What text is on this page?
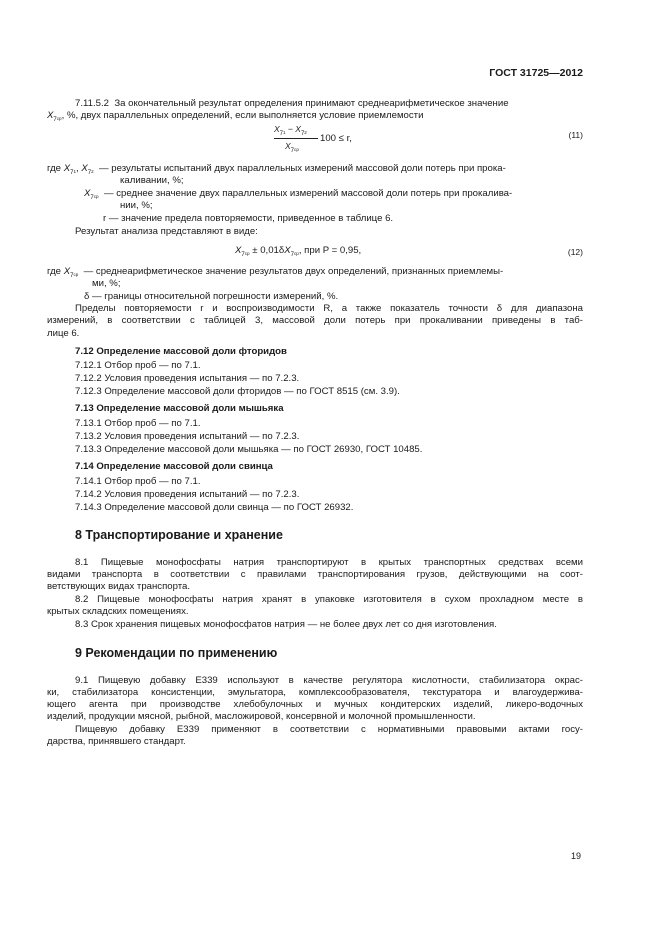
ГОСТ 31725—2012
7.11.5.2 За окончательный результат определения принимают среднеарифметическое значение
$X_{7ср}$, %, двух параллельных определений, если выполняется условие приемлемости
$X_{71} - X_{72}$
$X_{7ср}$
100 ≤ r,	(11)
где $X_{71}$, $X_{72}$ — результаты испытаний двух параллельных измерений массовой доли потерь при прока-
каливании, %;
$X_{7ср}$ — среднее значение двух параллельных измерений массовой доли потерь при прокалива-
нии, %;
r — значение предела повторяемости, приведенное в таблице 6.
Результат анализа представляют в виде:
$X_{7ср} \pm 0,01\delta X_{7ср}$, при P = 0,95,	(12)
где $X_{7ср}$ — среднеарифметическое значение результатов двух определений, признанных приемлемы-
ми, %;
δ — границы относительной погрешности измерений, %.
Пределы повторяемости r и воспроизводимости R, а также показатель точности δ для диапазона
измерений, в соответствии с таблицей 3, массовой доли потерь при прокаливании приведены в таб-
лице 6.
7.12 Определение массовой доли фторидов
7.12.1 Отбор проб — по 7.1.
7.12.2 Условия проведения испытания — по 7.2.3.
7.12.3 Определение массовой доли фторидов — по ГОСТ 8515 (см. 3.9).
7.13 Определение массовой доли мышьяка
7.13.1 Отбор проб — по 7.1.
7.13.2 Условия проведения испытаний — по 7.2.3.
7.13.3 Определение массовой доли мышьяка — по ГОСТ 26930, ГОСТ 10485.
7.14 Определение массовой доли свинца
7.14.1 Отбор проб — по 7.1.
7.14.2 Условия проведения испытаний — по 7.2.3.
7.14.3 Определение массовой доли свинца — по ГОСТ 26932.
8 Транспортирование и хранение
8.1 Пищевые монофосфаты натрия транспортируют в крытых транспортных средствах всеми
видами транспорта в соответствии с правилами транспортирования грузов, действующими на соот-
ветствующих видах транспорта.
8.2 Пищевые монофосфаты натрия хранят в упаковке изготовителя в сухом прохладном месте в
крытых складских помещениях.
8.3 Срок хранения пищевых монофосфатов натрия — не более двух лет со дня изготовления.
9 Рекомендации по применению
9.1 Пищевую добавку Е339 используют в качестве регулятора кислотности, стабилизатора окрас-
ки, стабилизатора консистенции, эмульгатора, комплексообразователя, текстуратора и влагоудержива-
ющего агента при производстве хлебобулочных и мучных кондитерских изделий, ликеро-водочных
изделий, продукции мясной, рыбной, масложировой, консервной и молочной промышленности.
Пищевую добавку Е339 применяют в соответствии с нормативными правовыми актами госу-
дарства, принявшего стандарт.
19
